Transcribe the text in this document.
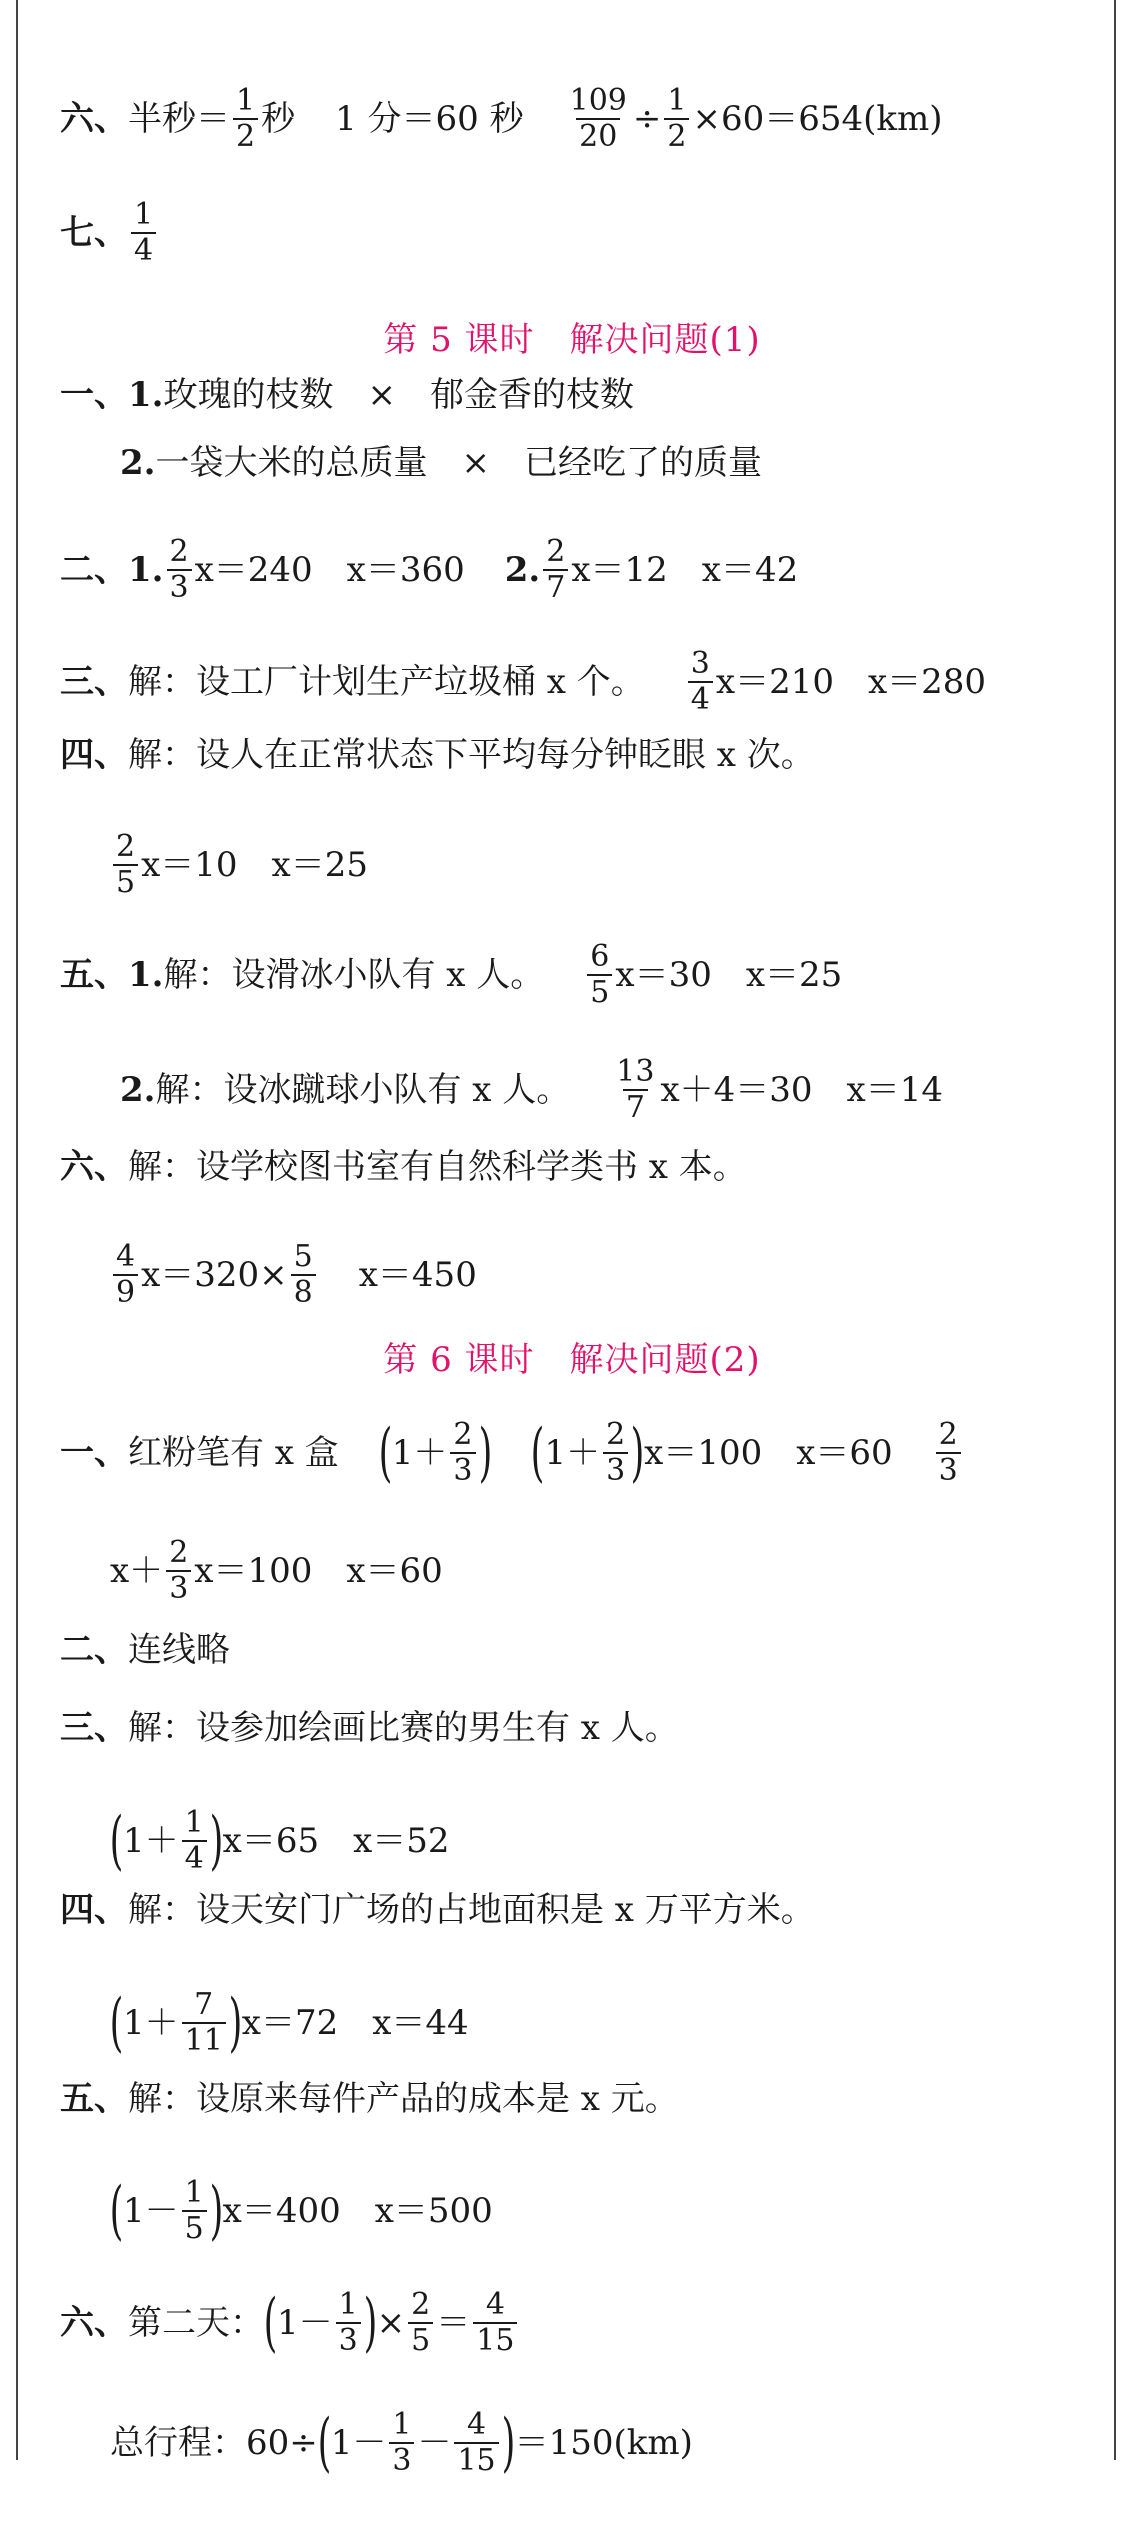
六、 半秒＝ $\frac{1}{2}$ 秒 1 分＝60 秒 $\frac{109}{20} \div \frac{1}{2} \times 60=654(km)$
七、 $\frac{1}{4}$
第 5 课时　解决问题(1)
一、1. 玫瑰的枝数　×　郁金香的枝数
2. 一袋大米的总质量　×　已经吃了的质量
二、1. $\frac{2}{3} x=240$　x＝360 2. $\frac{2}{7} x=12$　x＝42
三、 解：设工厂计划生产垃圾桶 x 个。 $\frac{3}{4} x=210$　x＝280
四、 解：设人在正常状态下平均每分钟眨眼 x 次。
$\frac{2}{5} x=10$　x＝25
五、1. 解：设滑冰小队有 x 人。 $\frac{6}{5} x=30$　x＝25
2. 解：设冰蹴球小队有 x 人。 $\frac{13}{7} x+4=30$　x＝14
六、 解：设学校图书室有自然科学类书 x 本。
$\frac{4}{9} x=320\times \frac{5}{8} x=450$
第 6 课时　解决问题(2)
一、 红粉笔有 x 盒 ( $1+ \frac{2}{3}$ ) ( $1+ \frac{2}{3}$ ) x＝100　$x=60 \frac{2}{3}$
$x+ \frac{2}{3} x=100$　x＝60
二、 连线略
三、 解：设参加绘画比赛的男生有 x 人。
( $1+ \frac{1}{4}$ ) x＝65　x＝52
四、 解：设天安门广场的占地面积是 x 万平方米。
( $1+ \frac{7}{11}$ ) x＝72　x＝44
五、 解：设原来每件产品的成本是 x 元。
( $1- \frac{1}{5}$ ) x＝400　x＝500
六、 第二天： ( $1- \frac{1}{3}$ ) × $\frac{2}{5} = \frac{4}{15}$
总行程：60÷ ( $1- \frac{1}{3} - \frac{4}{15}$ ) ＝150(km)
